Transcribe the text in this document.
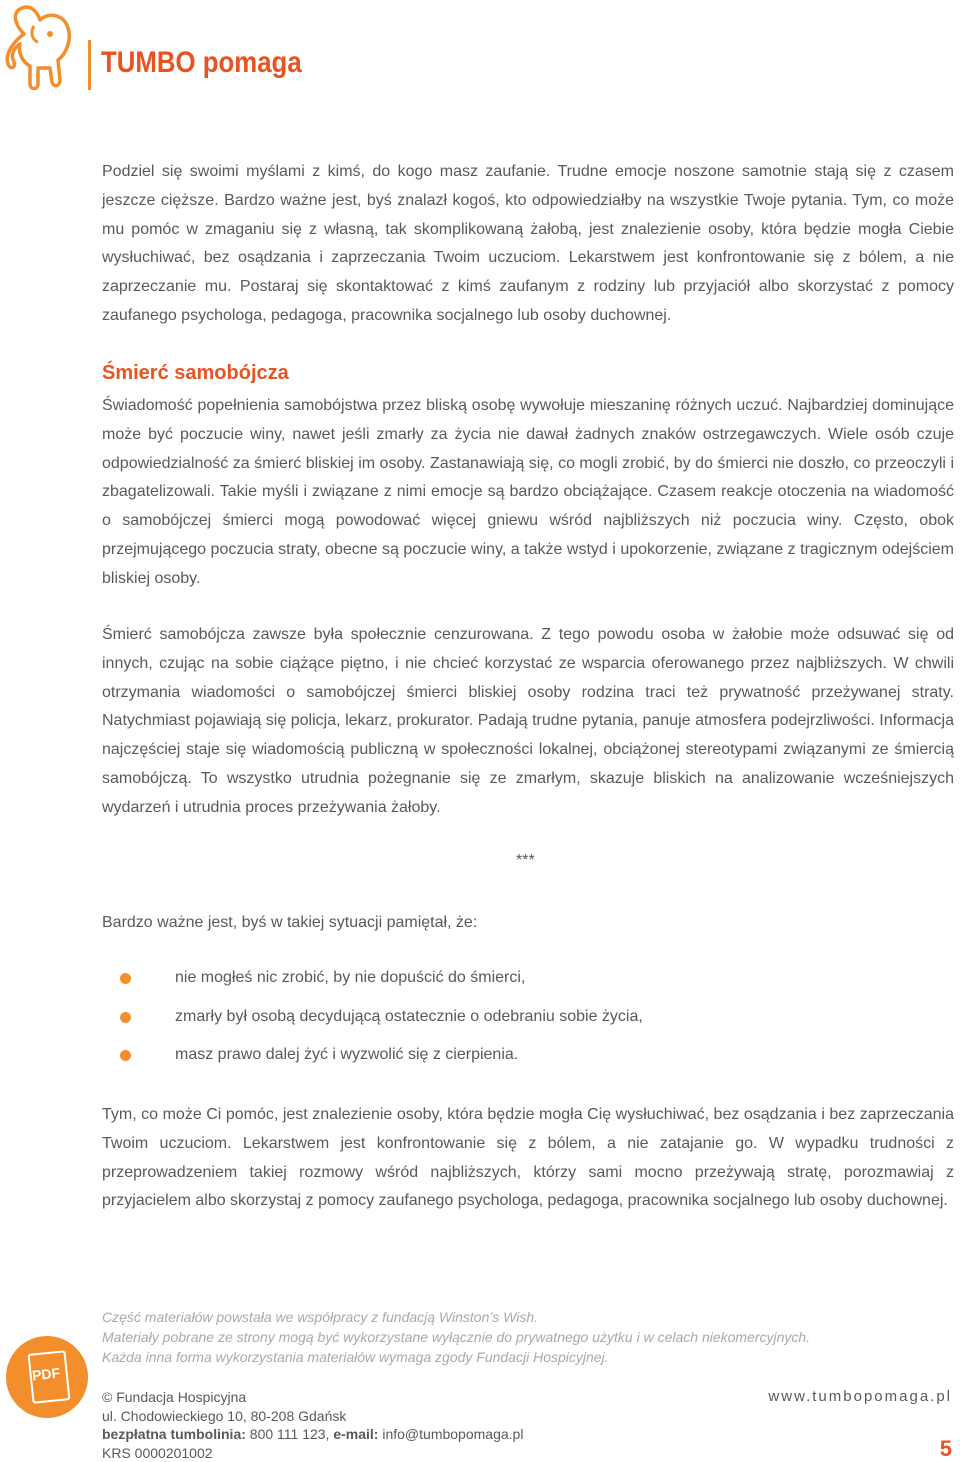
TUMBO pomaga

Podziel się swoimi myślami z kimś, do kogo masz zaufanie. Trudne emocje noszone samotnie stają się z czasem jeszcze cięższe. Bardzo ważne jest, byś znalazł kogoś, kto odpowiedziałby na wszystkie Twoje pytania. Tym, co może mu pomóc w zmaganiu się z własną, tak skomplikowaną żałobą, jest znalezienie osoby, która będzie mogła Ciebie wysłuchiwać, bez osądzania i zaprzeczania Twoim uczuciom. Lekarstwem jest konfrontowanie się z bólem, a nie zaprzeczanie mu. Postaraj się skontaktować z kimś zaufanym z rodziny lub przyjaciół albo skorzystać z pomocy zaufanego psychologa, pedagoga, pracownika socjalnego lub osoby duchownej.

Śmierć samobójcza

Świadomość popełnienia samobójstwa przez bliską osobę wywołuje mieszaninę różnych uczuć. Najbardziej dominujące może być poczucie winy, nawet jeśli zmarły za życia nie dawał żadnych znaków ostrzegawczych. Wiele osób czuje odpowiedzialność za śmierć bliskiej im osoby. Zastanawiają się, co mogli zrobić, by do śmierci nie doszło, co przeoczyli i zbagatelizowali. Takie myśli i związane z nimi emocje są bardzo obciążające. Czasem reakcje otoczenia na wiadomość o samobójczej śmierci mogą powodować więcej gniewu wśród najbliższych niż poczucia winy. Często, obok przejmującego poczucia straty, obecne są poczucie winy, a także wstyd i upokorzenie, związane z tragicznym odejściem bliskiej osoby.

Śmierć samobójcza zawsze była społecznie cenzurowana. Z tego powodu osoba w żałobie może odsuwać się od innych, czując na sobie ciążące piętno, i nie chcieć korzystać ze wsparcia oferowanego przez najbliższych. W chwili otrzymania wiadomości o samobójczej śmierci bliskiej osoby rodzina traci też prywatność przeżywanej straty. Natychmiast pojawiają się policja, lekarz, prokurator. Padają trudne pytania, panuje atmosfera podejrzliwości. Informacja najczęściej staje się wiadomością publiczną w społeczności lokalnej, obciążonej stereotypami związanymi ze śmiercią samobójczą. To wszystko utrudnia pożegnanie się ze zmarłym, skazuje bliskich na analizowanie wcześniejszych wydarzeń i utrudnia proces przeżywania żałoby.

***

Bardzo ważne jest, byś w takiej sytuacji pamiętał, że:

nie mogłeś nic zrobić, by nie dopuścić do śmierci,
zmarły był osobą decydującą ostatecznie o odebraniu sobie życia,
masz prawo dalej żyć i wyzwolić się z cierpienia.

Tym, co może Ci pomóc, jest znalezienie osoby, która będzie mogła Cię wysłuchiwać, bez osądzania i bez zaprzeczania Twoim uczuciom. Lekarstwem jest konfrontowanie się z bólem, a nie zatajanie go. W wypadku trudności z przeprowadzeniem takiej rozmowy wśród najbliższych, którzy sami mocno przeżywają stratę, porozmawiaj z przyjacielem albo skorzystaj z pomocy zaufanego psychologa, pedagoga, pracownika socjalnego lub osoby duchownej.

Część materiałów powstała we współpracy z fundacją Winston’s Wish.
Materiały pobrane ze strony mogą być wykorzystane wyłącznie do prywatnego użytku i w celach niekomercyjnych.
Każda inna forma wykorzystania materiałów wymaga zgody Fundacji Hospicyjnej.
PDF
© Fundacja Hospicyjna
ul. Chodowieckiego 10, 80-208 Gdańsk
bezpłatna tumbolinia: 800 111 123, e-mail: info@tumbopomaga.pl
KRS 0000201002
www.tumbopomaga.pl
5
